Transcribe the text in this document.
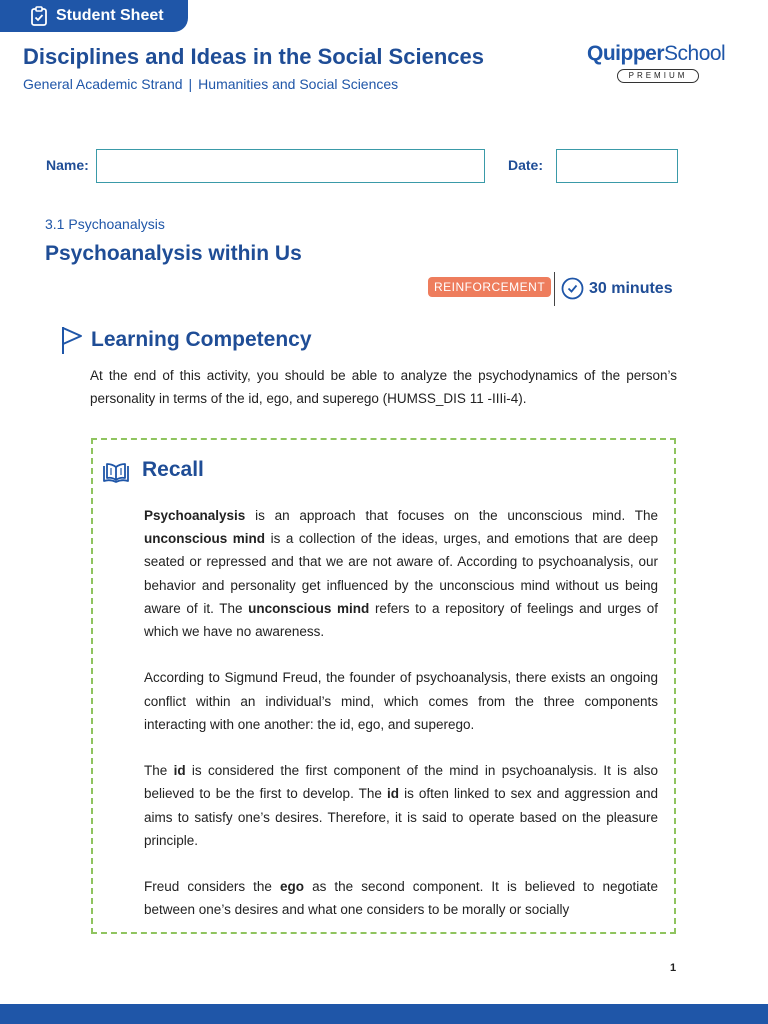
Student Sheet
Disciplines and Ideas in the Social Sciences
General Academic Strand | Humanities and Social Sciences
QuipperSchool
PREMIUM
Name:	Date:
3.1 Psychoanalysis
Psychoanalysis within Us
REINFORCEMENT	30 minutes
Learning Competency

At the end of this activity, you should be able to analyze the psychodynamics of the person’s personality in terms of the id, ego, and superego (HUMSS_DIS 11 -IIIi-4).

Recall

Psychoanalysis is an approach that focuses on the unconscious mind. The unconscious mind is a collection of the ideas, urges, and emotions that are deep seated or repressed and that we are not aware of. According to psychoanalysis, our behavior and personality get influenced by the unconscious mind without us being aware of it. The unconscious mind refers to a repository of feelings and urges of which we have no awareness.

According to Sigmund Freud, the founder of psychoanalysis, there exists an ongoing conflict within an individual’s mind, which comes from the three components interacting with one another: the id, ego, and superego.

The id is considered the first component of the mind in psychoanalysis. It is also believed to be the first to develop. The id is often linked to sex and aggression and aims to satisfy one’s desires. Therefore, it is said to operate based on the pleasure principle.

Freud considers the ego as the second component. It is believed to negotiate between one’s desires and what one considers to be morally or socially

1
